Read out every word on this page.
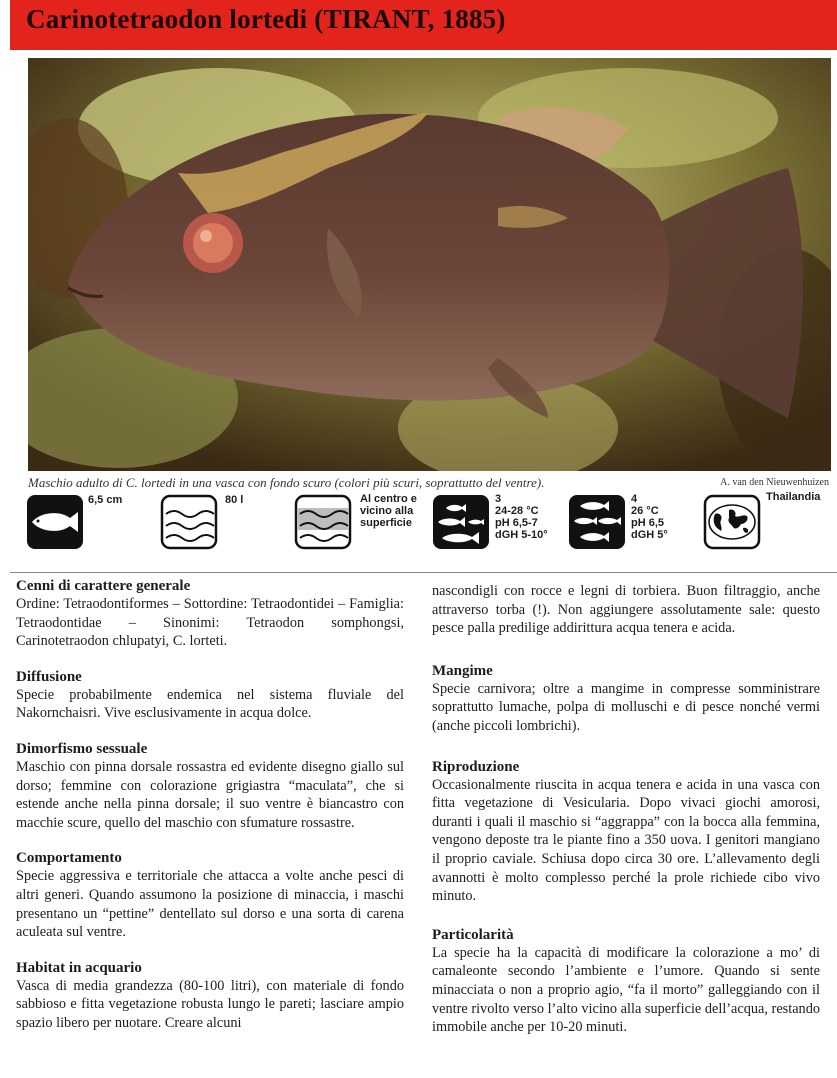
Carinotetraodon lortedi (TIRANT, 1885)
Maschio adulto di C. lortedi in una vasca con fondo scuro (colori più scuri, soprattutto del ventre).	A. van den Nieuwenhuizen
6,5 cm	80 l	Al centro e
vicino alla
superficie
3
24-28 °C
pH 6,5-7
dGH 5-10°
4
26 °C
pH 6,5
dGH 5°
Thailandia
Cenni di carattere generale

Ordine: Tetraodontiformes – Sottordine: Tetraodontidei – Famiglia: Tetraodontidae – Sinonimi: Tetraodon somphongsi, Carinotetraodon chlupatyi, C. lorteti.

Diffusione

Specie probabilmente endemica nel sistema fluviale del Nakornchaisri. Vive esclusivamente in acqua dolce.

Dimorfismo sessuale

Maschio con pinna dorsale rossastra ed evidente disegno giallo sul dorso; femmine con colorazione grigiastra “maculata”, che si estende anche nella pinna dorsale; il suo ventre è biancastro con macchie scure, quello del maschio con sfumature rossastre.

Comportamento

Specie aggressiva e territoriale che attacca a volte anche pesci di altri generi. Quando assumono la posizione di minaccia, i maschi presentano un “pettine” dentellato sul dorso e una sorta di carena aculeata sul ventre.

Habitat in acquario

Vasca di media grandezza (80-100 litri), con materiale di fondo sabbioso e fitta vegetazione robusta lungo le pareti; lasciare ampio spazio libero per nuotare. Creare alcuni

nascondigli con rocce e legni di torbiera. Buon filtraggio, anche attraverso torba (!). Non aggiungere assolutamente sale: questo pesce palla predilige addirittura acqua tenera e acida.

Mangime

Specie carnivora; oltre a mangime in compresse somministrare soprattutto lumache, polpa di molluschi e di pesce nonché vermi (anche piccoli lombrichi).

Riproduzione

Occasionalmente riuscita in acqua tenera e acida in una vasca con fitta vegetazione di Vesicularia. Dopo vivaci giochi amorosi, duranti i quali il maschio si “aggrappa” con la bocca alla femmina, vengono deposte tra le piante fino a 350 uova. I genitori mangiano il proprio caviale. Schiusa dopo circa 30 ore. L’allevamento degli avannotti è molto complesso perché la prole richiede cibo vivo minuto.

Particolarità

La specie ha la capacità di modificare la colorazione a mo’ di camaleonte secondo l’ambiente e l’umore. Quando si sente minacciata o non a proprio agio, “fa il morto” galleggiando con il ventre rivolto verso l’alto vicino alla superficie dell’acqua, restando immobile anche per 10-20 minuti.
